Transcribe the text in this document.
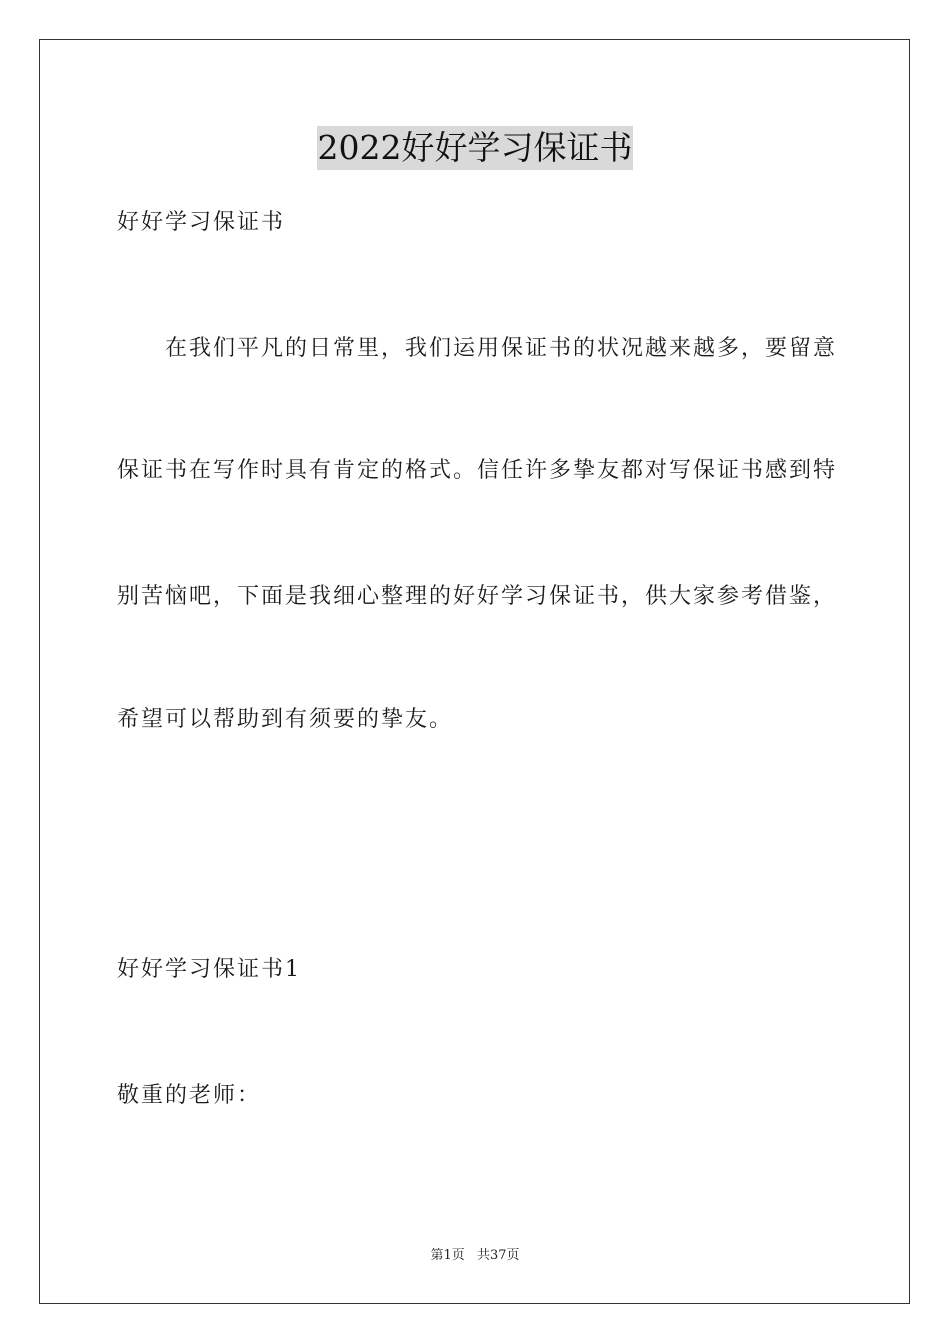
2022好好学习保证书
好好学习保证书
在我们平凡的日常里，我们运用保证书的状况越来越多，要留意
保证书在写作时具有肯定的格式。信任许多挚友都对写保证书感到特
别苦恼吧，下面是我细心整理的好好学习保证书，供大家参考借鉴，
希望可以帮助到有须要的挚友。
好好学习保证书1
敬重的老师：
第1页 共37页
